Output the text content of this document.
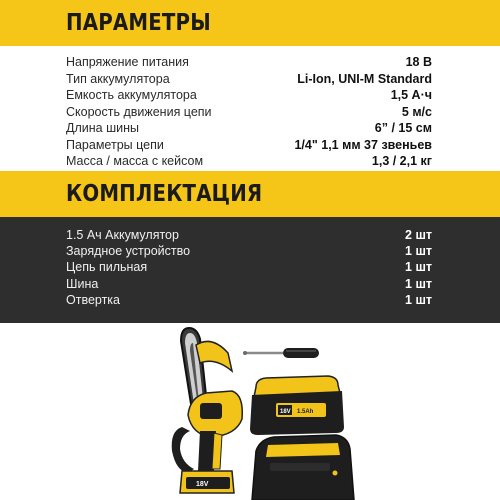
ПАРАМЕТРЫ
Напряжение питания	18 В
Тип аккумулятора	Li-Ion, UNI-M Standard
Емкость аккумулятора	1,5 А·ч
Скорость движения цепи	5 м/с
Длина шины	6” / 15 см
Параметры цепи	1/4" 1,1 мм 37 звеньев
Масса / масса с кейсом	1,3 / 2,1 кг
КОМПЛЕКТАЦИЯ
1.5 Ач Аккумулятор	2 шт
Зарядное устройство	1 шт
Цепь пильная	1 шт
Шина	1 шт
Отвертка	1 шт
18V
18V 1.5Ah
